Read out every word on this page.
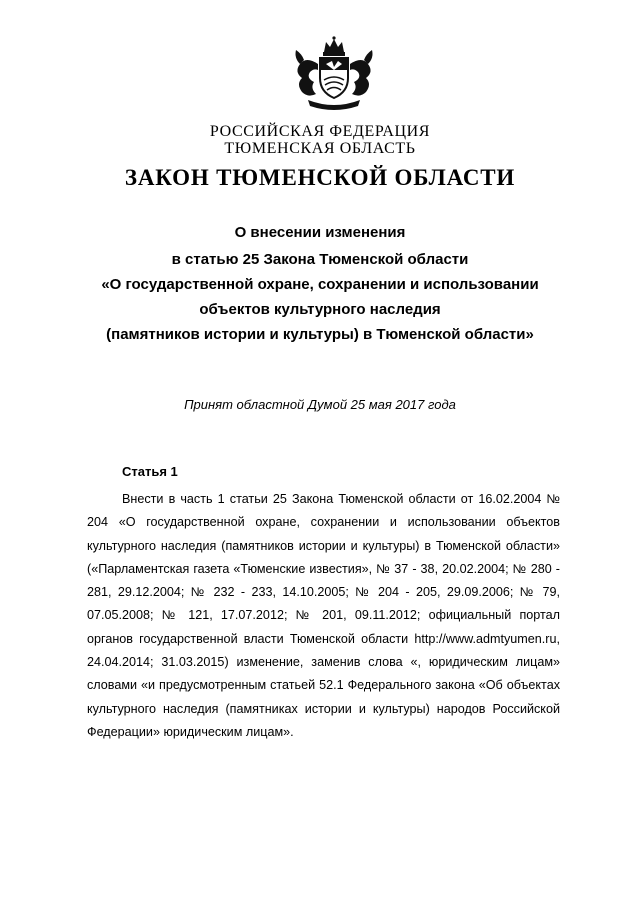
РОССИЙСКАЯ ФЕДЕРАЦИЯ
ТЮМЕНСКАЯ ОБЛАСТЬ
ЗАКОН ТЮМЕНСКОЙ ОБЛАСТИ
О внесении изменения
в статью 25 Закона Тюменской области
«О государственной охране, сохранении и использовании
объектов культурного наследия
(памятников истории и культуры) в Тюменской области»
Принят областной Думой 25 мая 2017 года
Статья 1

Внести в часть 1 статьи 25 Закона Тюменской области от 16.02.2004 № 204 «О государственной охране, сохранении и использовании объектов культурного наследия (памятников истории и культуры) в Тюменской области» («Парламентская газета «Тюменские известия», № 37 - 38, 20.02.2004; № 280 - 281, 29.12.2004; № 232 - 233, 14.10.2005; № 204 - 205, 29.09.2006; № 79, 07.05.2008; № 121, 17.07.2012; № 201, 09.11.2012; официальный портал органов государственной власти Тюменской области http://www.admtyumen.ru, 24.04.2014; 31.03.2015) изменение, заменив слова «, юридическим лицам» словами «и предусмотренным статьей 52.1 Федерального закона «Об объектах культурного наследия (памятниках истории и культуры) народов Российской Федерации» юридическим лицам».
